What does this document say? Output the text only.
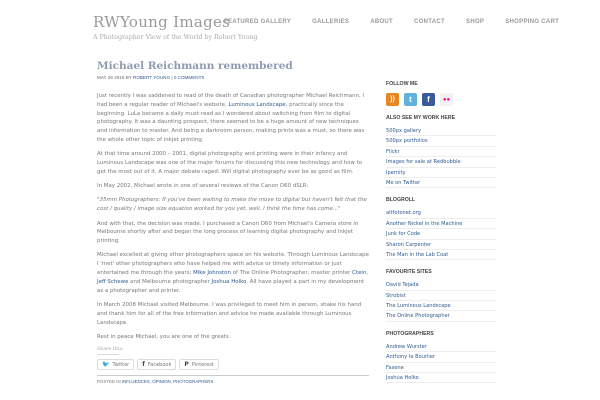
RWYoung Images
A Photographer View of the World by Robert Young
FEATURED GALLERY	GALLERIES	ABOUT	CONTACT	SHOP	SHOPPING CART
Michael Reichmann remembered
MAY 26 2016 BY ROBERT YOUNG | 0 COMMENTS

Just recently I was saddened to read of the death of Canadian photographer Michael Reichmann, I had been a regular reader of Michael's website, Luminous Landscape, practically since the beginning. LuLa became a daily must-read as I wondered about switching from film to digital photography. It was a daunting prospect, there seemed to be a huge amount of new techniques and information to master. And being a darkroom person, making prints was a must, so there was the whole other topic of inkjet printing.

At that time around 2000 – 2001, digital photography and printing were in their infancy and Luminous Landscape was one of the major forums for discussing this new technology and how to get the most out of it. A major debate raged: Will digital photography ever be as good as film.

In May 2002, Michael wrote in one of several reviews of the Canon D60 dSLR:

"35mm Photographers: If you've been waiting to make the move to digital but haven't felt that the cost / quality / image size equation worked for you yet, well, I think the time has come..."

And with that, the decision was made. I purchased a Canon D60 from Michael's Camera store in Melbourne shortly after and began the long process of learning digital photography and inkjet printing.

Michael excelled at giving other photographers space on his website. Through Luminous Landscape I 'met' other photographers who have helped me with advice or timely information or just entertained me through the years; Mike Johnston of The Online Photographer, master printer Ctein, Jeff Schewe and Melbourne photographer Joshua Holko. All have played a part in my development as a photographer and printer.

In March 2008 Michael visited Melbourne. I was privileged to meet him in person, shake his hand and thank him for all of the free information and advice he made available through Luminous Landscape.

Rest in peace Michael, you are one of the greats.

Share this:
🐦 Twitter f Facebook P Pinterest
POSTED IN INFLUENCES, OPINION, PHOTOGRAPHERS
FOLLOW ME
))	t	f	●●
ALSO SEE MY WORK HERE
500px gallery
500px portfolios
Flickr
Images for sale at Redbubble
Ipernity
Me on Twitter
BLOGROLL
altfotonet.org
Another Nickel in the Machine
Junk for Code
Sharon Carpenter
The Man in the Lab Coat
FAVOURITE SITES
David Tejada
Strobist
The Luminous Landscape
The Online Photographer
PHOTOGRAPHERS
Andrew Wurster
Anthony le Bourlier
Fasene
Joshua Holko
